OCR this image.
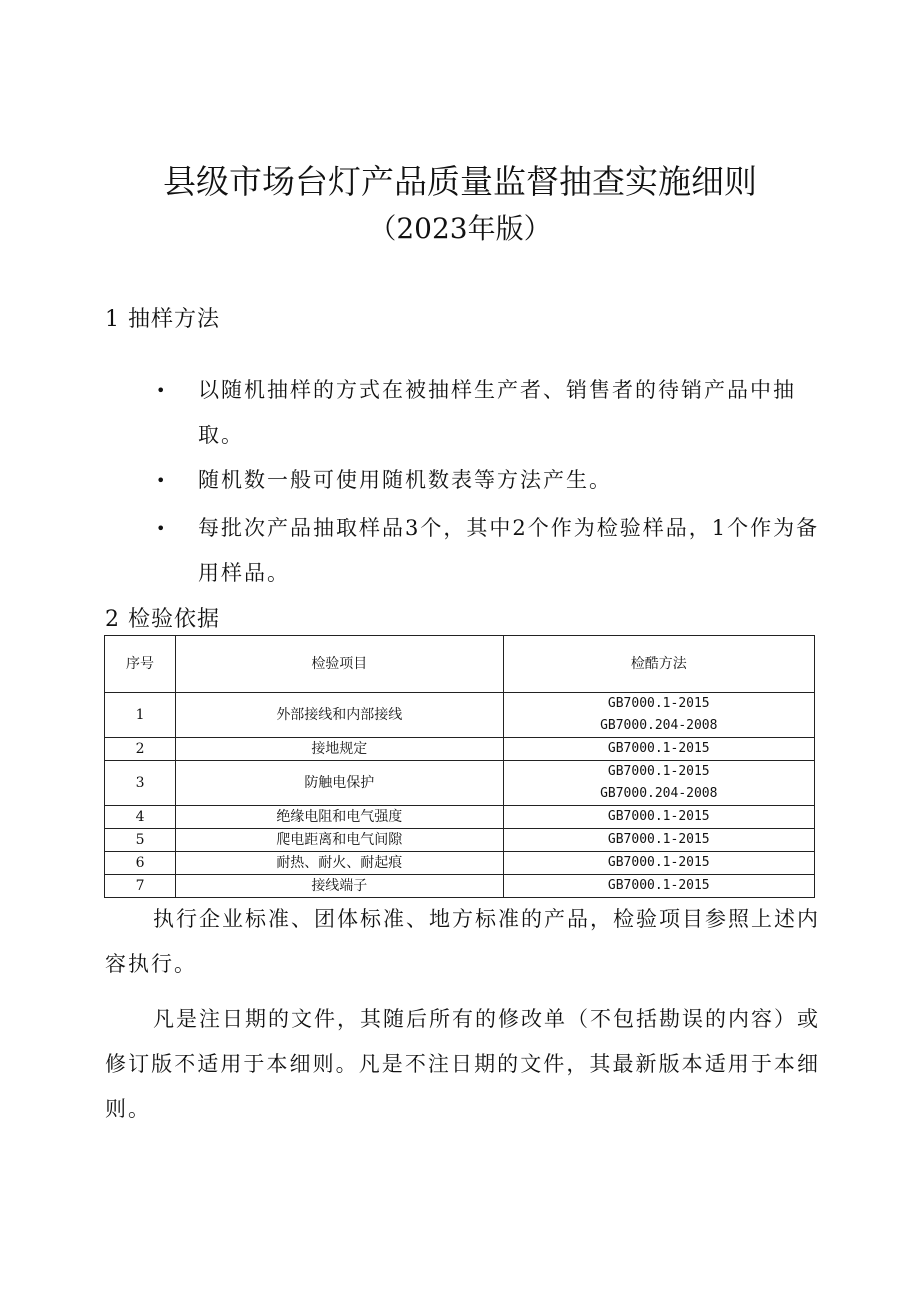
县级市场台灯产品质量监督抽查实施细则
（2023年版）
1 抽样方法
• 以随机抽样的方式在被抽样生产者、销售者的待销产品中抽取。
• 随机数一般可使用随机数表等方法产生。
• 每批次产品抽取样品3个，其中2个作为检验样品，1个作为备用样品。
2 检验依据
序号	检验项目	检酷方法
1	外部接线和内部接线	GB7000.1-2015
GB7000.204-2008

2	接地规定	GB7000.1-2015

3	防触电保护	GB7000.1-2015
GB7000.204-2008

4	绝缘电阻和电气强度	GB7000.1-2015

5	爬电距离和电气间隙	GB7000.1-2015

6	耐热、耐火、耐起痕	GB7000.1-2015

7	接线端子	GB7000.1-2015
执行企业标准、团体标准、地方标准的产品，检验项目参照上述内容执行。
凡是注日期的文件，其随后所有的修改单（不包括勘误的内容）或修订版不适用于本细则。凡是不注日期的文件，其最新版本适用于本细则。
